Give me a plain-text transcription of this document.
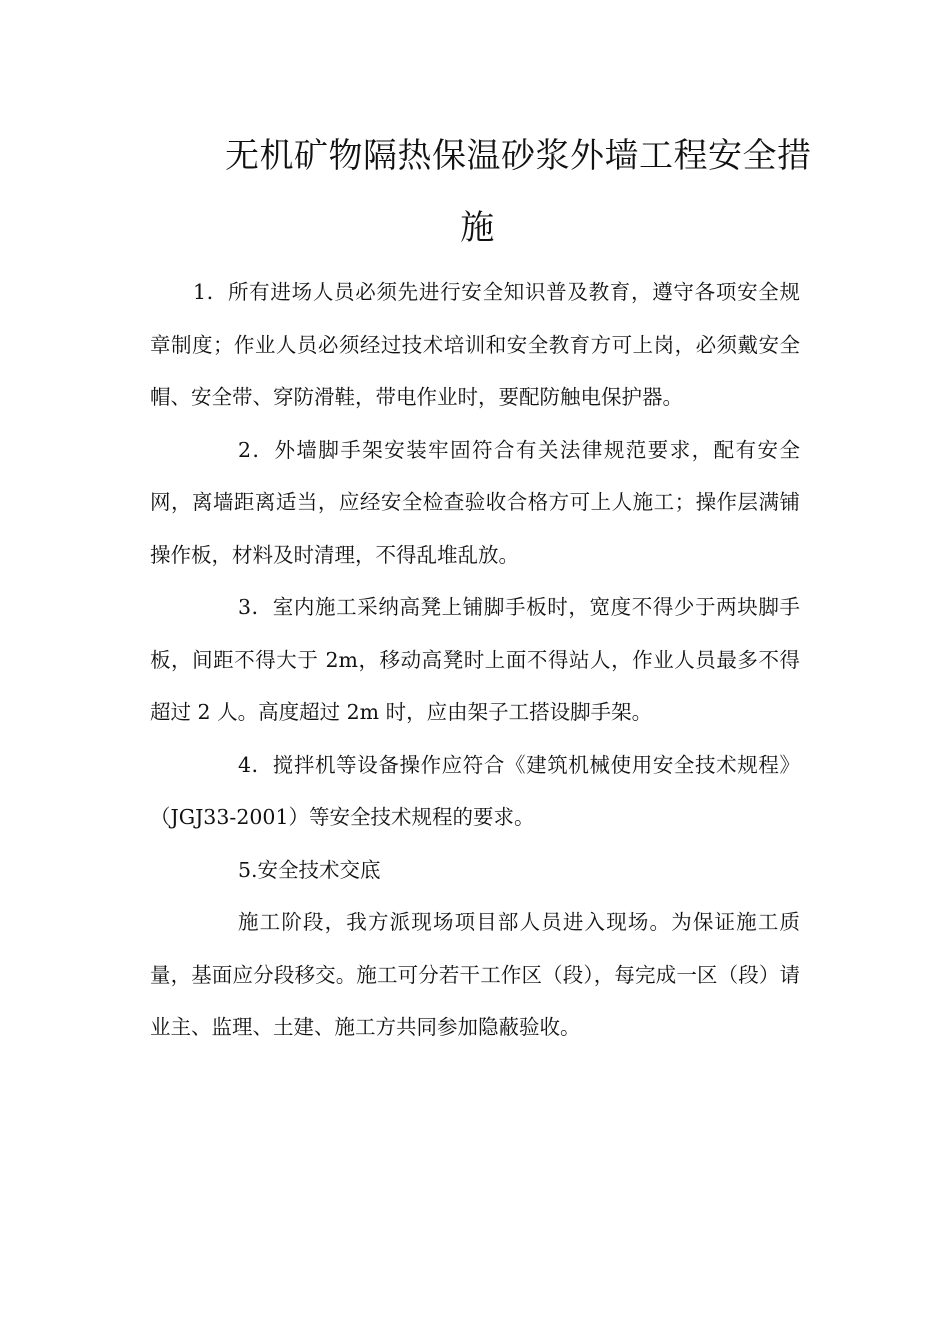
无机矿物隔热保温砂浆外墙工程安全措
施

1．所有进场人员必须先进行安全知识普及教育，遵守各项安全规章制度；作业人员必须经过技术培训和安全教育方可上岗，必须戴安全帽、安全带、穿防滑鞋，带电作业时，要配防触电保护器。

2．外墙脚手架安装牢固符合有关法律规范要求，配有安全网，离墙距离适当，应经安全检查验收合格方可上人施工；操作层满铺操作板，材料及时清理，不得乱堆乱放。

3．室内施工采纳高凳上铺脚手板时，宽度不得少于两块脚手板，间距不得大于 2m，移动高凳时上面不得站人，作业人员最多不得超过 2 人。高度超过 2m 时，应由架子工搭设脚手架。

4．搅拌机等设备操作应符合《建筑机械使用安全技术规程》（JGJ33-2001）等安全技术规程的要求。

5.安全技术交底

施工阶段，我方派现场项目部人员进入现场。为保证施工质量，基面应分段移交。施工可分若干工作区（段），每完成一区（段）请业主、监理、土建、施工方共同参加隐蔽验收。
